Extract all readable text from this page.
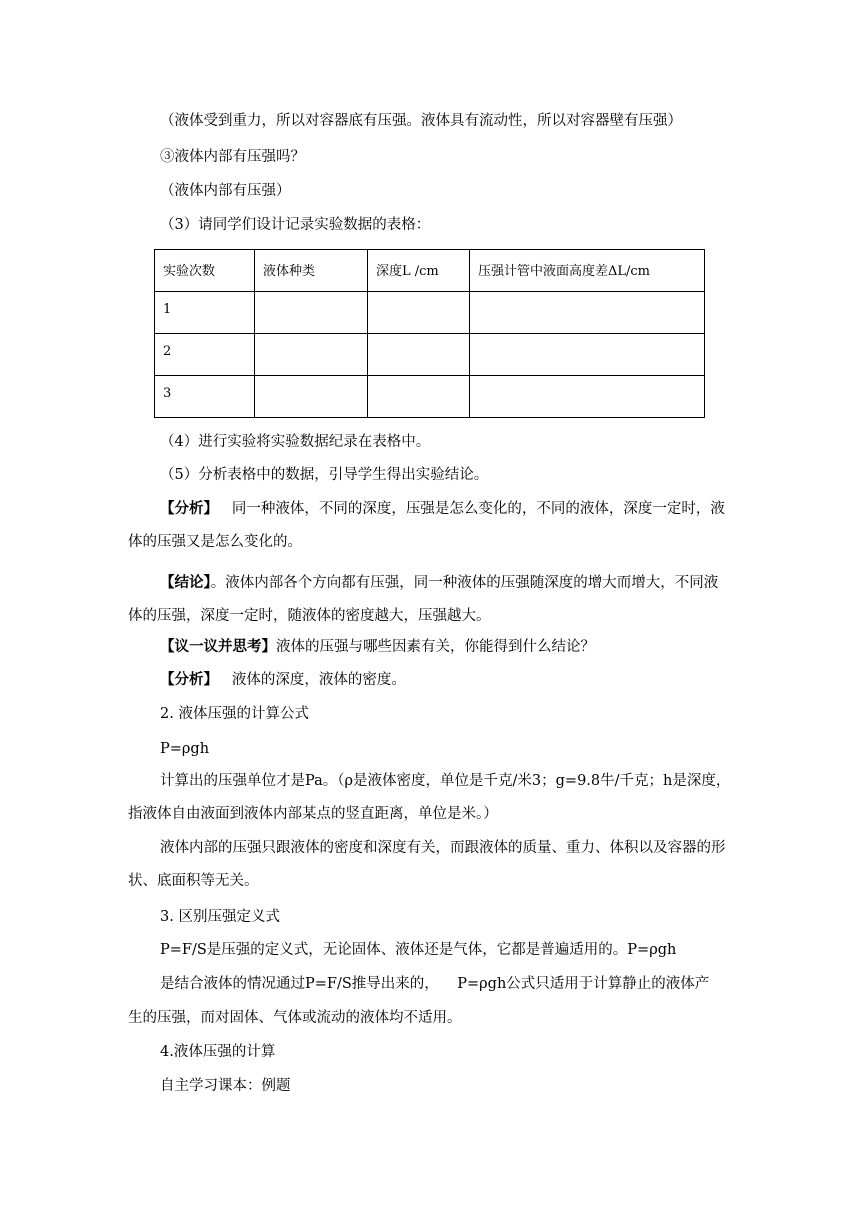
（液体受到重力，所以对容器底有压强。液体具有流动性，所以对容器壁有压强）
③液体内部有压强吗？
（液体内部有压强）
（3）请同学们设计记录实验数据的表格：
实验次数	液体种类	深度L /cm	压强计管中液面高度差ΔL/cm
1			
2			
3			
（4）进行实验将实验数据纪录在表格中。
（5）分析表格中的数据，引导学生得出实验结论。
【分析】 同一种液体，不同的深度，压强是怎么变化的，不同的液体，深度一定时，液体的压强又是怎么变化的。
【结论】。液体内部各个方向都有压强，同一种液体的压强随深度的增大而增大，不同液体的压强，深度一定时，随液体的密度越大，压强越大。
【议一议并思考】液体的压强与哪些因素有关，你能得到什么结论？
【分析】 液体的深度，液体的密度。
2. 液体压强的计算公式
P=ρgh
计算出的压强单位才是Pa。（ρ是液体密度，单位是千克/米3；g=9.8牛/千克；h是深度，指液体自由液面到液体内部某点的竖直距离，单位是米。）
液体内部的压强只跟液体的密度和深度有关，而跟液体的质量、重力、体积以及容器的形状、底面积等无关。
3. 区别压强定义式
P=F/S是压强的定义式，无论固体、液体还是气体，它都是普遍适用的。P=ρgh
是结合液体的情况通过P=F/S推导出来的， P=ρgh公式只适用于计算静止的液体产
生的压强，而对固体、气体或流动的液体均不适用。
4.液体压强的计算
自主学习课本：例题
